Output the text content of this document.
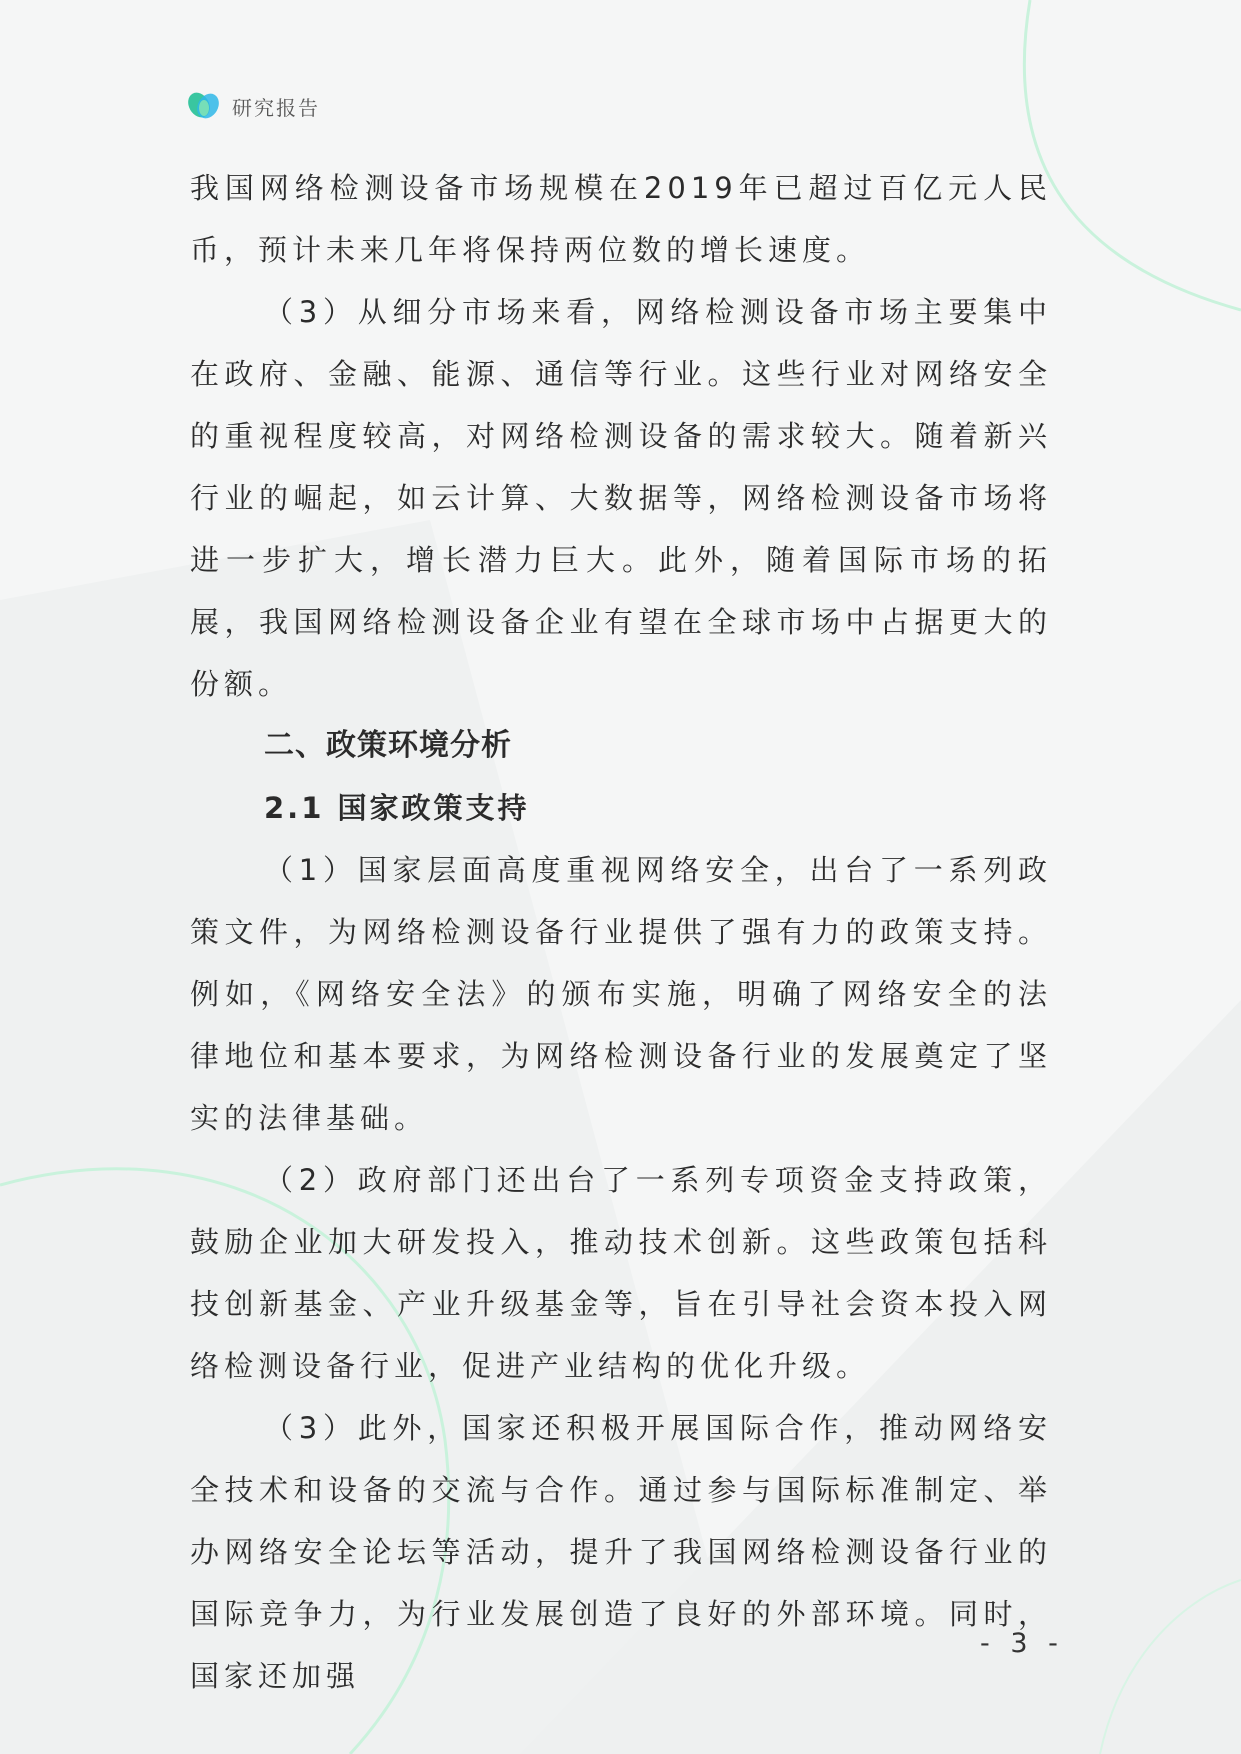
研究报告

我国网络检测设备市场规模在2019年已超过百亿元人民币，预计未来几年将保持两位数的增长速度。

（3）从细分市场来看，网络检测设备市场主要集中在政府、金融、能源、通信等行业。这些行业对网络安全的重视程度较高，对网络检测设备的需求较大。随着新兴行业的崛起，如云计算、大数据等，网络检测设备市场将进一步扩大，增长潜力巨大。此外，随着国际市场的拓展，我国网络检测设备企业有望在全球市场中占据更大的份额。

二、政策环境分析
2.1 国家政策支持

（1）国家层面高度重视网络安全，出台了一系列政策文件，为网络检测设备行业提供了强有力的政策支持。例如，《网络安全法》的颁布实施，明确了网络安全的法律地位和基本要求，为网络检测设备行业的发展奠定了坚实的法律基础。

（2）政府部门还出台了一系列专项资金支持政策，鼓励企业加大研发投入，推动技术创新。这些政策包括科技创新基金、产业升级基金等，旨在引导社会资本投入网络检测设备行业，促进产业结构的优化升级。

（3）此外，国家还积极开展国际合作，推动网络安全技术和设备的交流与合作。通过参与国际标准制定、举办网络安全论坛等活动，提升了我国网络检测设备行业的国际竞争力，为行业发展创造了良好的外部环境。同时，国家还加强

- 3 -
